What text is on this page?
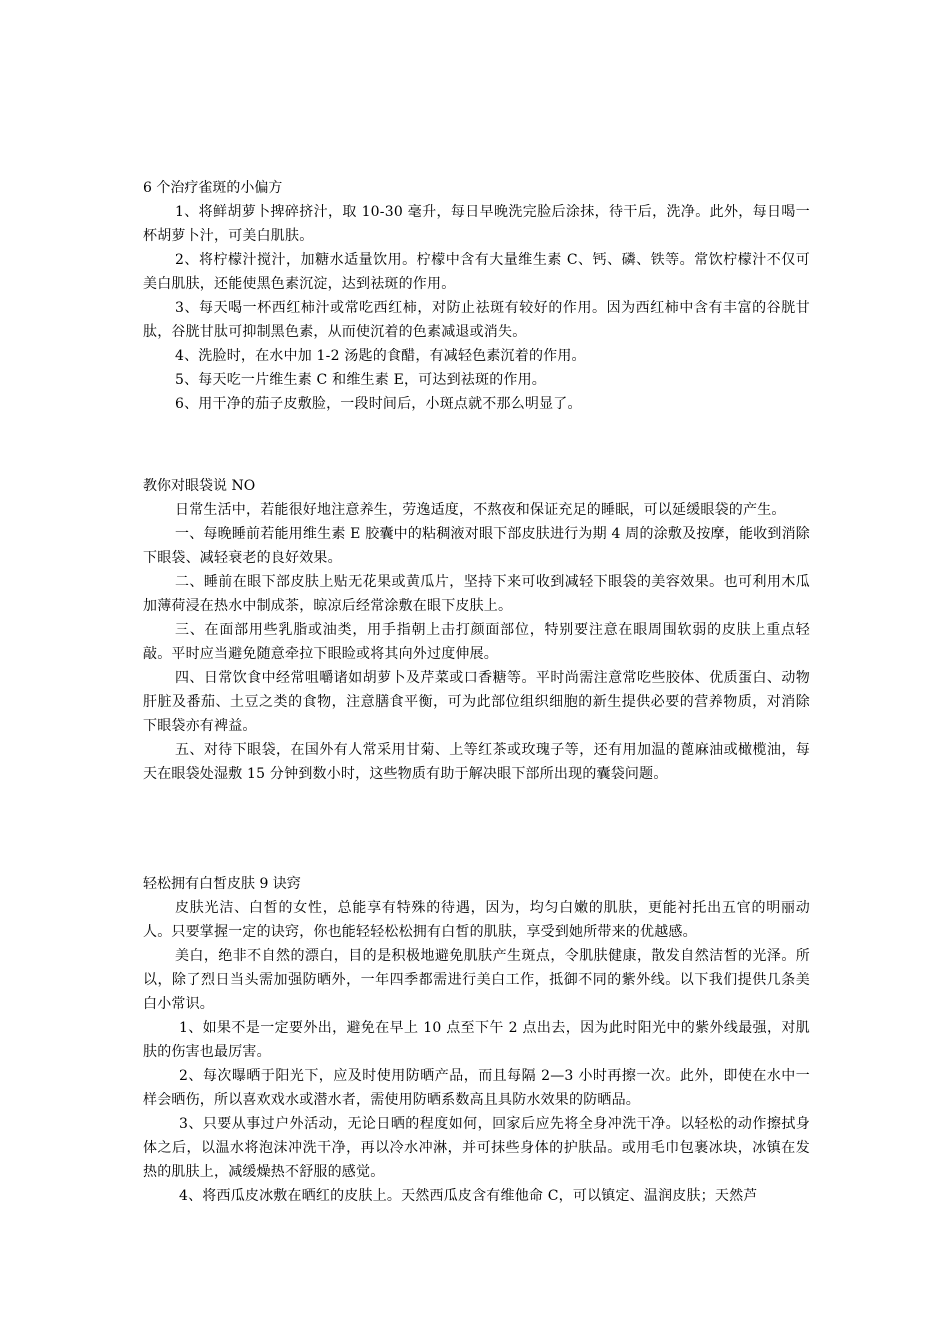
6 个治疗雀斑的小偏方

1、将鲜胡萝卜捭碎挤汁，取 10-30 毫升，每日早晚洗完脸后涂抹，待干后，洗净。此外，每日喝一杯胡萝卜汁，可美白肌肤。

2、将柠檬汁搅汁，加糖水适量饮用。柠檬中含有大量维生素 C、钙、磷、铁等。常饮柠檬汁不仅可美白肌肤，还能使黑色素沉淀，达到祛斑的作用。

3、每天喝一杯西红柿汁或常吃西红柿，对防止祛斑有较好的作用。因为西红柿中含有丰富的谷胱甘肽，谷胱甘肽可抑制黑色素，从而使沉着的色素减退或消失。

4、洗脸时，在水中加 1-2 汤匙的食醋，有减轻色素沉着的作用。

5、每天吃一片维生素 C 和维生素 E，可达到祛斑的作用。

6、用干净的茄子皮敷脸，一段时间后，小斑点就不那么明显了。

教你对眼袋说 NO

日常生活中，若能很好地注意养生，劳逸适度，不熬夜和保证充足的睡眠，可以延缓眼袋的产生。

一、每晚睡前若能用维生素 E 胶囊中的粘稠液对眼下部皮肤进行为期 4 周的涂敷及按摩，能收到消除下眼袋、减轻衰老的良好效果。

二、睡前在眼下部皮肤上贴无花果或黄瓜片，坚持下来可收到减轻下眼袋的美容效果。也可利用木瓜加薄荷浸在热水中制成茶，晾凉后经常涂敷在眼下皮肤上。

三、在面部用些乳脂或油类，用手指朝上击打颜面部位，特别要注意在眼周围软弱的皮肤上重点轻敲。平时应当避免随意牵拉下眼睑或将其向外过度伸展。

四、日常饮食中经常咀嚼诸如胡萝卜及芹菜或口香糖等。平时尚需注意常吃些胶体、优质蛋白、动物肝脏及番茄、土豆之类的食物，注意膳食平衡，可为此部位组织细胞的新生提供必要的营养物质，对消除下眼袋亦有裨益。

五、对待下眼袋，在国外有人常采用甘菊、上等红茶或玫瑰子等，还有用加温的蓖麻油或橄榄油，每天在眼袋处湿敷 15 分钟到数小时，这些物质有助于解决眼下部所出现的囊袋问题。

轻松拥有白皙皮肤 9 诀窍

皮肤光洁、白皙的女性，总能享有特殊的待遇，因为，均匀白嫩的肌肤，更能衬托出五官的明丽动人。只要掌握一定的诀窍，你也能轻轻松松拥有白皙的肌肤，享受到她所带来的优越感。

美白，绝非不自然的漂白，目的是积极地避免肌肤产生斑点，令肌肤健康，散发自然洁皙的光泽。所以，除了烈日当头需加强防晒外，一年四季都需进行美白工作，抵御不同的紫外线。以下我们提供几条美白小常识。

1、如果不是一定要外出，避免在早上 10 点至下午 2 点出去，因为此时阳光中的紫外线最强，对肌肤的伤害也最厉害。

2、每次曝晒于阳光下，应及时使用防晒产品，而且每隔 2—3 小时再擦一次。此外，即使在水中一样会晒伤，所以喜欢戏水或潜水者，需使用防晒系数高且具防水效果的防晒品。

3、只要从事过户外活动，无论日晒的程度如何，回家后应先将全身冲洗干净。以轻松的动作擦拭身体之后，以温水将泡沫冲洗干净，再以冷水冲淋，并可抹些身体的护肤品。或用毛巾包裹冰块，冰镇在发热的肌肤上，减缓燥热不舒服的感觉。

4、将西瓜皮冰敷在晒红的皮肤上。天然西瓜皮含有维他命 C，可以镇定、温润皮肤；天然芦
